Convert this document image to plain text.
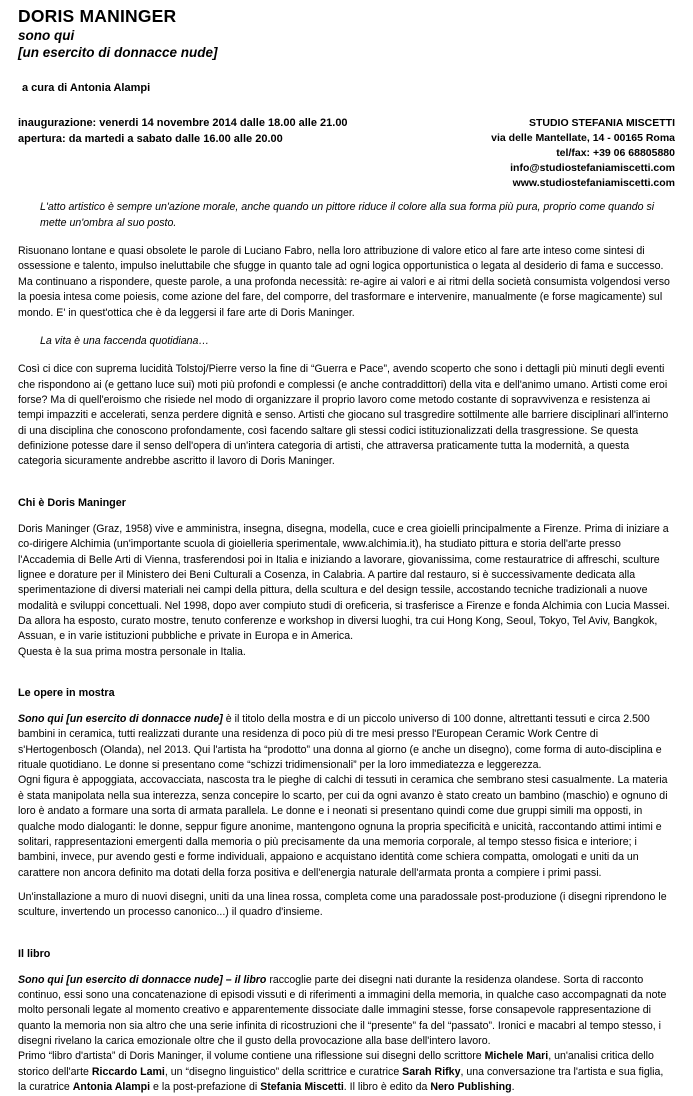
DORIS MANINGER
sono qui
[un esercito di donnacce nude]
a cura di Antonia Alampi
inaugurazione: venerdi 14 novembre 2014 dalle 18.00 alle 21.00
apertura: da martedi a sabato dalle 16.00 alle 20.00
STUDIO STEFANIA MISCETTI
via delle Mantellate, 14 - 00165 Roma
tel/fax: +39 06 68805880
info@studiostefaniamiscetti.com
www.studiostefaniamiscetti.com

L'atto artistico è sempre un'azione morale, anche quando un pittore riduce il colore alla sua forma più pura, proprio come quando si mette un'ombra al suo posto.

Risuonano lontane e quasi obsolete le parole di Luciano Fabro, nella loro attribuzione di valore etico al fare arte inteso come sintesi di ossessione e talento, impulso ineluttabile che sfugge in quanto tale ad ogni logica opportunistica o legata al desiderio di fama e successo. Ma continuano a rispondere, queste parole, a una profonda necessità: re-agire ai valori e ai ritmi della società consumista volgendosi verso la poesia intesa come poiesis, come azione del fare, del comporre, del trasformare e intervenire, manualmente (e forse magicamente) sul mondo. E' in quest'ottica che è da leggersi il fare arte di Doris Maninger.

La vita è una faccenda quotidiana…

Così ci dice con suprema lucidità Tolstoj/Pierre verso la fine di “Guerra e Pace”, avendo scoperto che sono i dettagli più minuti degli eventi che rispondono ai (e gettano luce sui) moti più profondi e complessi (e anche contraddittori) della vita e dell'animo umano. Artisti come eroi forse? Ma di quell'eroismo che risiede nel modo di organizzare il proprio lavoro come metodo costante di sopravvivenza e resistenza ai tempi impazziti e accelerati, senza perdere dignità e senso. Artisti che giocano sul trasgredire sottilmente alle barriere disciplinari all'interno di una disciplina che conoscono profondamente, così facendo saltare gli stessi codici istituzionalizzati della trasgressione. Se questa definizione potesse dare il senso dell'opera di un'intera categoria di artisti, che attraversa praticamente tutta la modernità, a questa categoria sicuramente andrebbe ascritto il lavoro di Doris Maninger.

Chi è Doris Maninger

Doris Maninger (Graz, 1958) vive e amministra, insegna, disegna, modella, cuce e crea gioielli principalmente a Firenze. Prima di iniziare a co-dirigere Alchimia (un'importante scuola di gioielleria sperimentale, www.alchimia.it), ha studiato pittura e storia dell'arte presso l'Accademia di Belle Arti di Vienna, trasferendosi poi in Italia e iniziando a lavorare, giovanissima, come restauratrice di affreschi, sculture lignee e dorature per il Ministero dei Beni Culturali a Cosenza, in Calabria. A partire dal restauro, si è successivamente dedicata alla sperimentazione di diversi materiali nei campi della pittura, della scultura e del design tessile, accostando tecniche tradizionali a nuove modalità e sviluppi concettuali. Nel 1998, dopo aver compiuto studi di oreficeria, si trasferisce a Firenze e fonda Alchimia con Lucia Massei. Da allora ha esposto, curato mostre, tenuto conferenze e workshop in diversi luoghi, tra cui Hong Kong, Seoul, Tokyo, Tel Aviv, Bangkok, Assuan, e in varie istituzioni pubbliche e private in Europa e in America.

Questa è la sua prima mostra personale in Italia.

Le opere in mostra

Sono qui [un esercito di donnacce nude] è il titolo della mostra e di un piccolo universo di 100 donne, altrettanti tessuti e circa 2.500 bambini in ceramica, tutti realizzati durante una residenza di poco più di tre mesi presso l'European Ceramic Work Centre di s'Hertogenbosch (Olanda), nel 2013. Qui l'artista ha “prodotto” una donna al giorno (e anche un disegno), come forma di auto-disciplina e rituale quotidiano. Le donne si presentano come “schizzi tridimensionali” per la loro immediatezza e leggerezza.

Ogni figura è appoggiata, accovacciata, nascosta tra le pieghe di calchi di tessuti in ceramica che sembrano stesi casualmente. La materia è stata manipolata nella sua interezza, senza concepire lo scarto, per cui da ogni avanzo è stato creato un bambino (maschio) e ognuno di loro è andato a formare una sorta di armata parallela. Le donne e i neonati si presentano quindi come due gruppi simili ma opposti, in qualche modo dialoganti: le donne, seppur figure anonime, mantengono ognuna la propria specificità e unicità, raccontando attimi intimi e solitari, rappresentazioni emergenti dalla memoria o più precisamente da una memoria corporale, al tempo stesso fisica e interiore; i bambini, invece, pur avendo gesti e forme individuali, appaiono e acquistano identità come schiera compatta, omologati e uniti da un carattere non ancora definito ma dotati della forza positiva e dell'energia naturale dell'armata pronta a compiere i primi passi.

Un'installazione a muro di nuovi disegni, uniti da una linea rossa, completa come una paradossale post-produzione (i disegni riprendono le sculture, invertendo un processo canonico...) il quadro d'insieme.

Il libro

Sono qui [un esercito di donnacce nude] – il libro raccoglie parte dei disegni nati durante la residenza olandese. Sorta di racconto continuo, essi sono una concatenazione di episodi vissuti e di riferimenti a immagini della memoria, in qualche caso accompagnati da note molto personali legate al momento creativo e apparentemente dissociate dalle immagini stesse, forse consapevole rappresentazione di quanto la memoria non sia altro che una serie infinita di ricostruzioni che il “presente” fa del “passato”. Ironici e macabri al tempo stesso, i disegni rivelano la carica emozionale oltre che il gusto della provocazione alla base dell'intero lavoro.

Primo “libro d'artista” di Doris Maninger, il volume contiene una riflessione sui disegni dello scrittore Michele Mari, un'analisi critica dello storico dell'arte Riccardo Lami, un “disegno linguistico” della scrittrice e curatrice Sarah Rifky, una conversazione tra l'artista e sua figlia, la curatrice Antonia Alampi e la post-prefazione di Stefania Miscetti. Il libro è edito da Nero Publishing.
